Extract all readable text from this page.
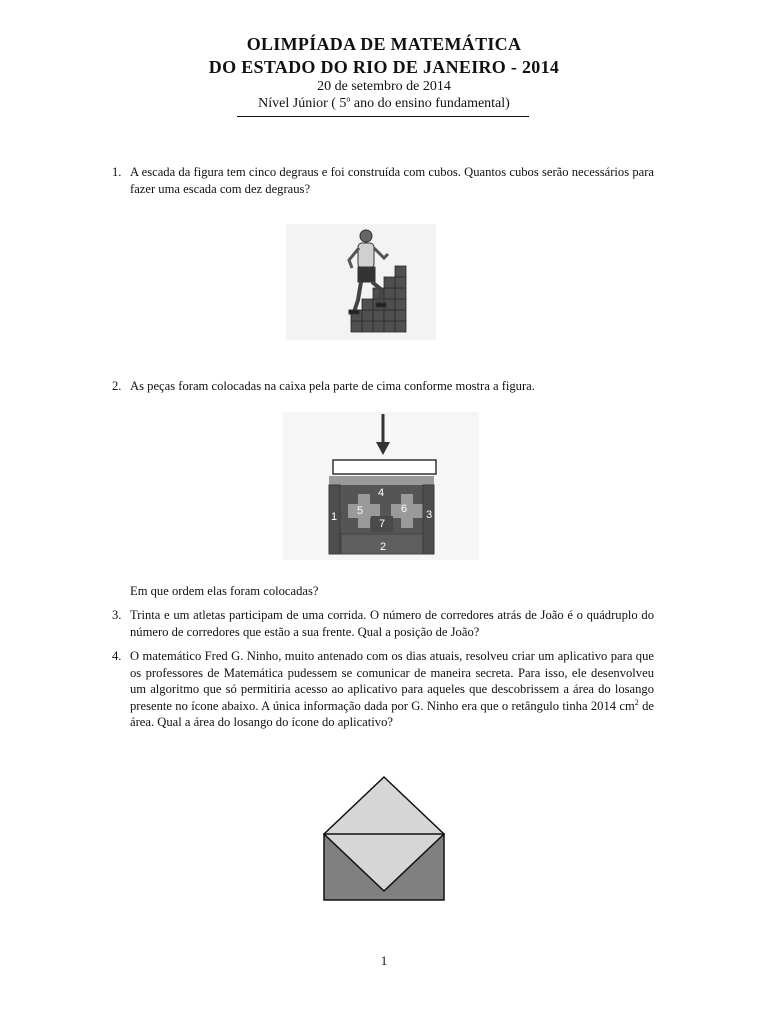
OLIMPÍADA DE MATEMÁTICA
DO ESTADO DO RIO DE JANEIRO - 2014
20 de setembro de 2014
Nível Júnior ( 5$^o$ ano do ensino fundamental)
1. A escada da figura tem cinco degraus e foi construída com cubos. Quantos cubos serão necessários para fazer uma escada com dez degraus?
2. As peças foram colocadas na caixa pela parte de cima conforme mostra a figura.
1
2
3
4
5	6
7
Em que ordem elas foram colocadas?
3. Trinta e um atletas participam de uma corrida. O número de corredores atrás de João é o quádruplo do número de corredores que estão a sua frente. Qual a posição de João?
4. O matemático Fred G. Ninho, muito antenado com os dias atuais, resolveu criar um aplicativo para que os professores de Matemática pudessem se comunicar de maneira secreta. Para isso, ele desenvolveu um algoritmo que só permitiria acesso ao aplicativo para aqueles que descobrissem a área do losango presente no ícone abaixo. A única informação dada por G. Ninho era que o retângulo tinha 2014 $cm^2$ de área. Qual a área do losango do ícone do aplicativo?
1
